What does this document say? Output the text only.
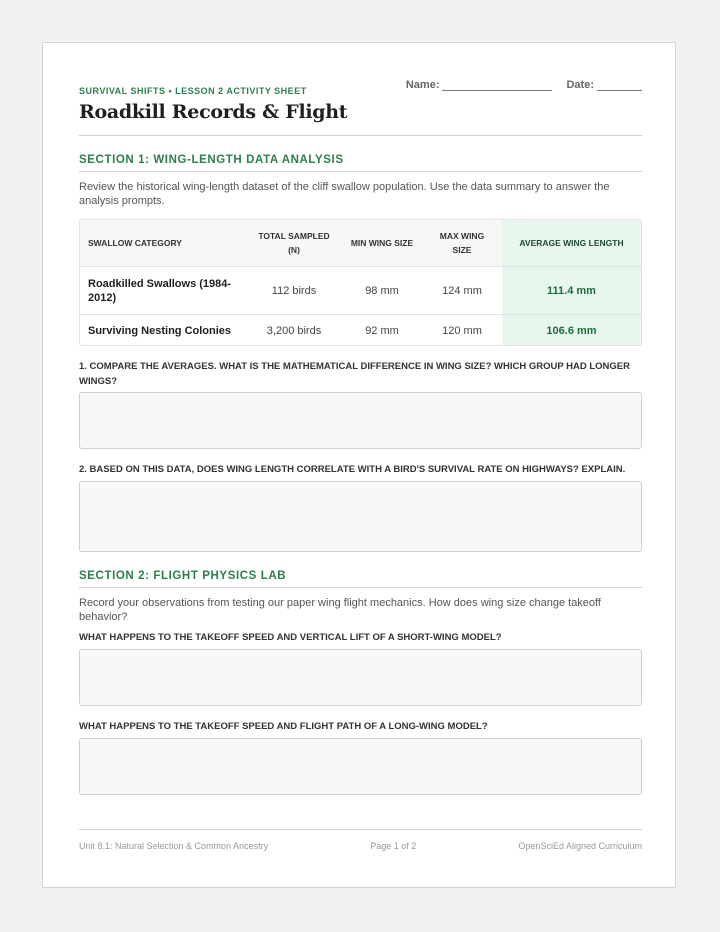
SURVIVAL SHIFTS • LESSON 2 ACTIVITY SHEET
Roadkill Records & Flight
Name:	Date:
SECTION 1: WING-LENGTH DATA ANALYSIS
Review the historical wing-length dataset of the cliff swallow population. Use the data summary to answer the analysis prompts.
SWALLOW CATEGORY	TOTAL SAMPLED (N)	MIN WING SIZE	MAX WING SIZE	AVERAGE WING LENGTH
Roadkilled Swallows (1984-2012)	112 birds	98 mm	124 mm	111.4 mm
Surviving Nesting Colonies	3,200 birds	92 mm	120 mm	106.6 mm
1. COMPARE THE AVERAGES. WHAT IS THE MATHEMATICAL DIFFERENCE IN WING SIZE? WHICH GROUP HAD LONGER WINGS?
2. BASED ON THIS DATA, DOES WING LENGTH CORRELATE WITH A BIRD'S SURVIVAL RATE ON HIGHWAYS? EXPLAIN.
SECTION 2: FLIGHT PHYSICS LAB
Record your observations from testing our paper wing flight mechanics. How does wing size change takeoff behavior?
WHAT HAPPENS TO THE TAKEOFF SPEED AND VERTICAL LIFT OF A SHORT-WING MODEL?
WHAT HAPPENS TO THE TAKEOFF SPEED AND FLIGHT PATH OF A LONG-WING MODEL?
Unit 8.1: Natural Selection & Common Ancestry	Page 1 of 2	OpenSciEd Aligned Curriculum
